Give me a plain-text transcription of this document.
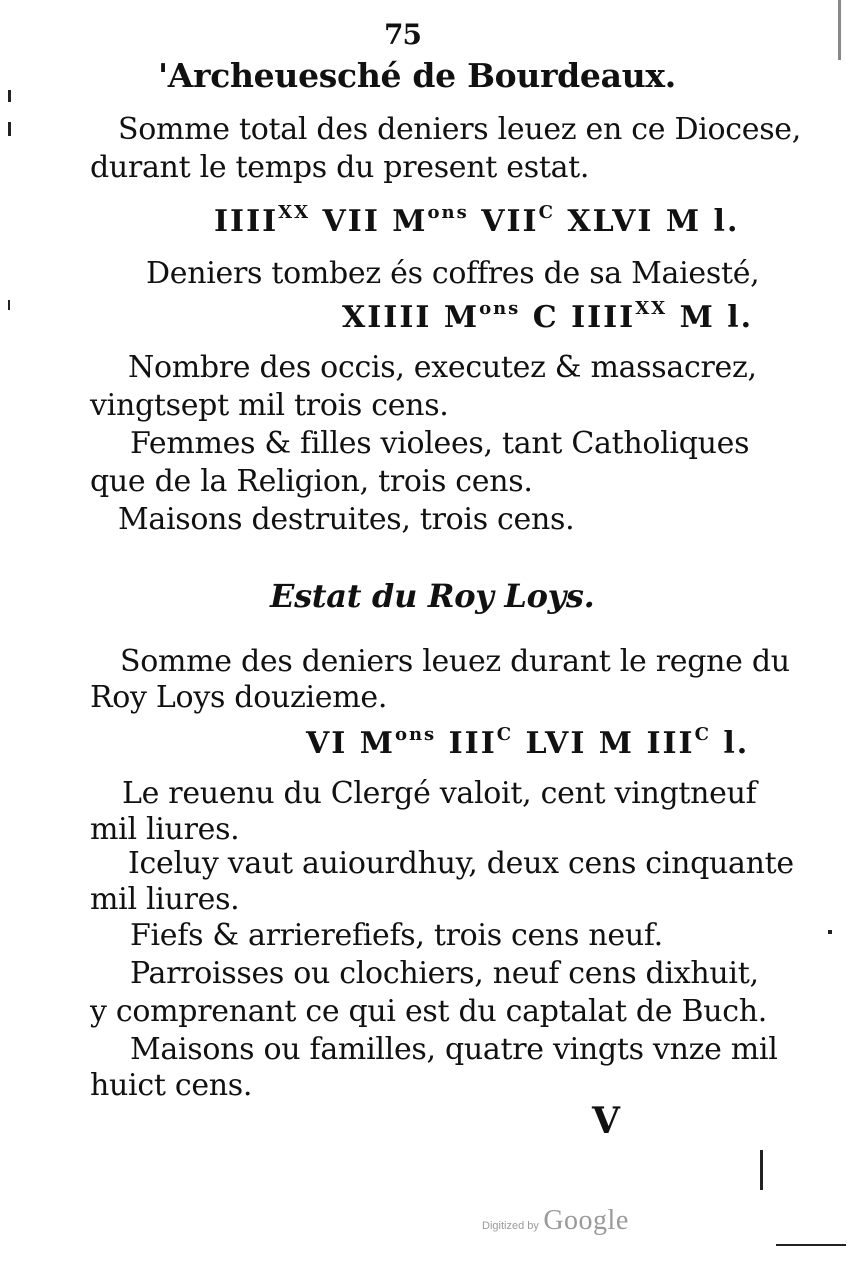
75
'Archeuesché de Bourdeaux.
Somme total des deniers leuez en ce Diocese,
durant le temps du present estat.
$IIII^{XX}$ VII $M^{ons}$ $VII^C$ XLVI M l.
Deniers tombez és coffres de sa Maiesté,
XIIII $M^{ons}$ C $IIII^{XX}$ M l.
Nombre des occis, executez & massacrez,
vingtsept mil trois cens.
Femmes & filles violees, tant Catholiques
que de la Religion, trois cens.
Maisons destruites, trois cens.
Estat du Roy Loys.
Somme des deniers leuez durant le regne du
Roy Loys douzieme.
VI $M^{ons}$ $III^C$ LVI M $III^C$ l.
Le reuenu du Clergé valoit, cent vingtneuf
mil liures.
Iceluy vaut auiourdhuy, deux cens cinquante
mil liures.
Fiefs & arrierefiefs, trois cens neuf.
Parroisses ou clochiers, neuf cens dixhuit,
y comprenant ce qui est du captalat de Buch.
Maisons ou familles, quatre vingts vnze mil
huict cens.
V
Digitized by Google
